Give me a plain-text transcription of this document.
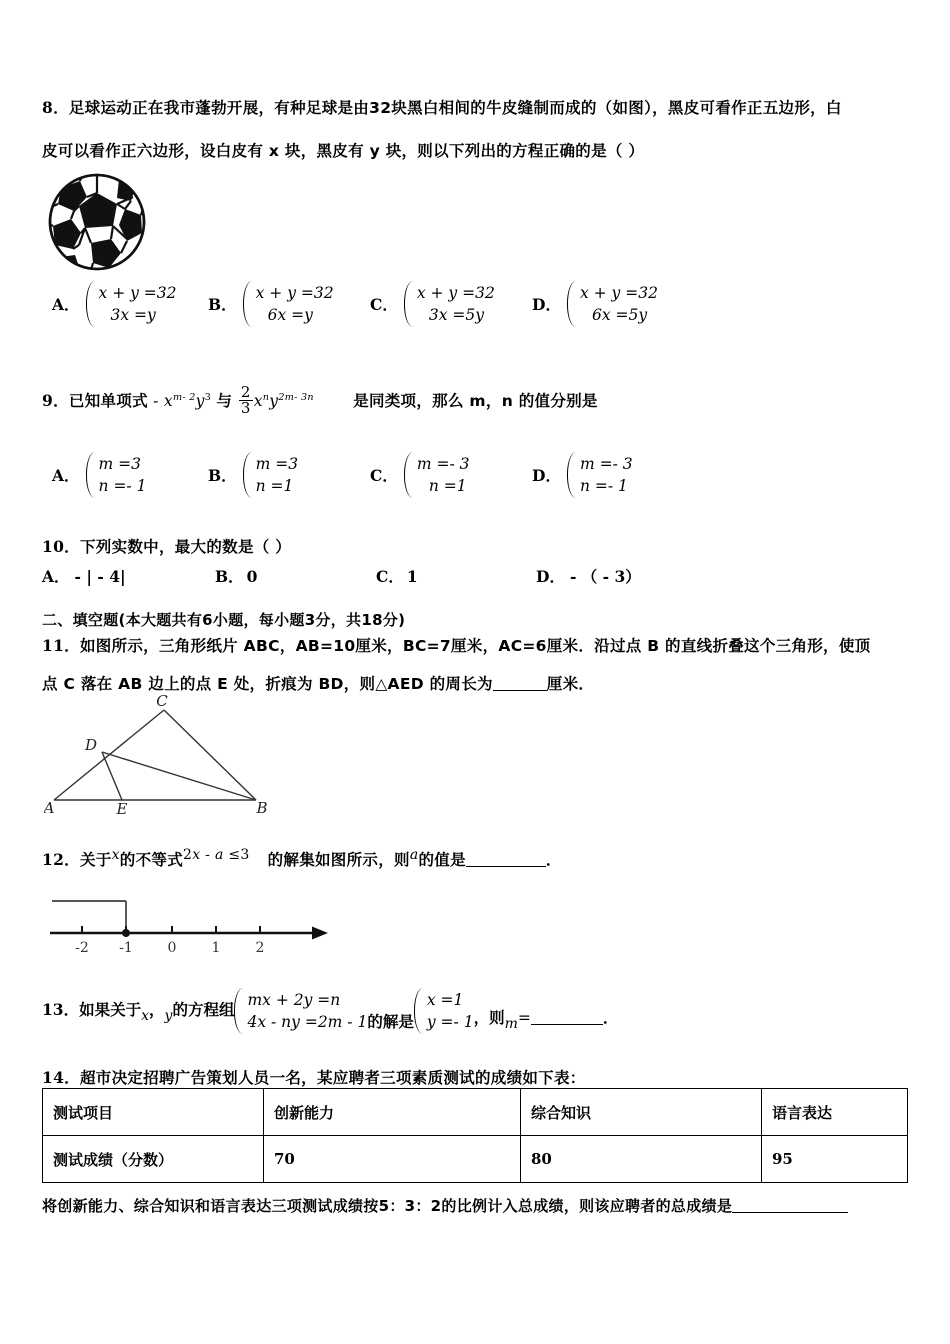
8．足球运动正在我市蓬勃开展，有种足球是由32块黑白相间的牛皮缝制而成的（如图），黑皮可看作正五边形，白
皮可以看作正六边形，设白皮有 x 块，黑皮有 y 块，则以下列出的方程正确的是（ ）
A．
x + y =32
3x =y
B．
x + y =32
6x =y
C．
x + y =32
3x =5y
D．
x + y =32
6x =5y
9．已知单项式 - $x^{m- 2}y^3$ 与 $\frac{2}{3} x^ny^{2m- 3n}$	是同类项，那么 m，n 的值分别是
A．
m =3
n =- 1
B．
m =3
n =1
C．
m =- 3
n =1
D．
m =- 3
n =- 1
10．下列实数中，最大的数是（ ）
A． - | - 4|	B． 0	C． 1	D． - （ - 3）
二、填空题(本大题共有6小题，每小题3分，共18分)
11．如图所示，三角形纸片 ABC，AB=10厘米，BC=7厘米，AC=6厘米．沿过点 B 的直线折叠这个三角形，使顶
点 C 落在 AB 边上的点 E 处，折痕为 BD，则△AED 的周长为	厘米．
C
D
A	E	B
12．关于x的不等式2x - a ≤3 的解集如图所示，则a的值是	．
-2 -1 0	1	2
13．如果关于x，y的方程组
mx + 2y =n
4x - ny =2m - 1 的解是
x =1
y =- 1 ，则m=	．
14．超市决定招聘广告策划人员一名，某应聘者三项素质测试的成绩如下表：
测试项目	创新能力	综合知识	语言表达
测试成绩（分数）	70	80	95
将创新能力、综合知识和语言表达三项测试成绩按5：3：2的比例计入总成绩，则该应聘者的总成绩是
